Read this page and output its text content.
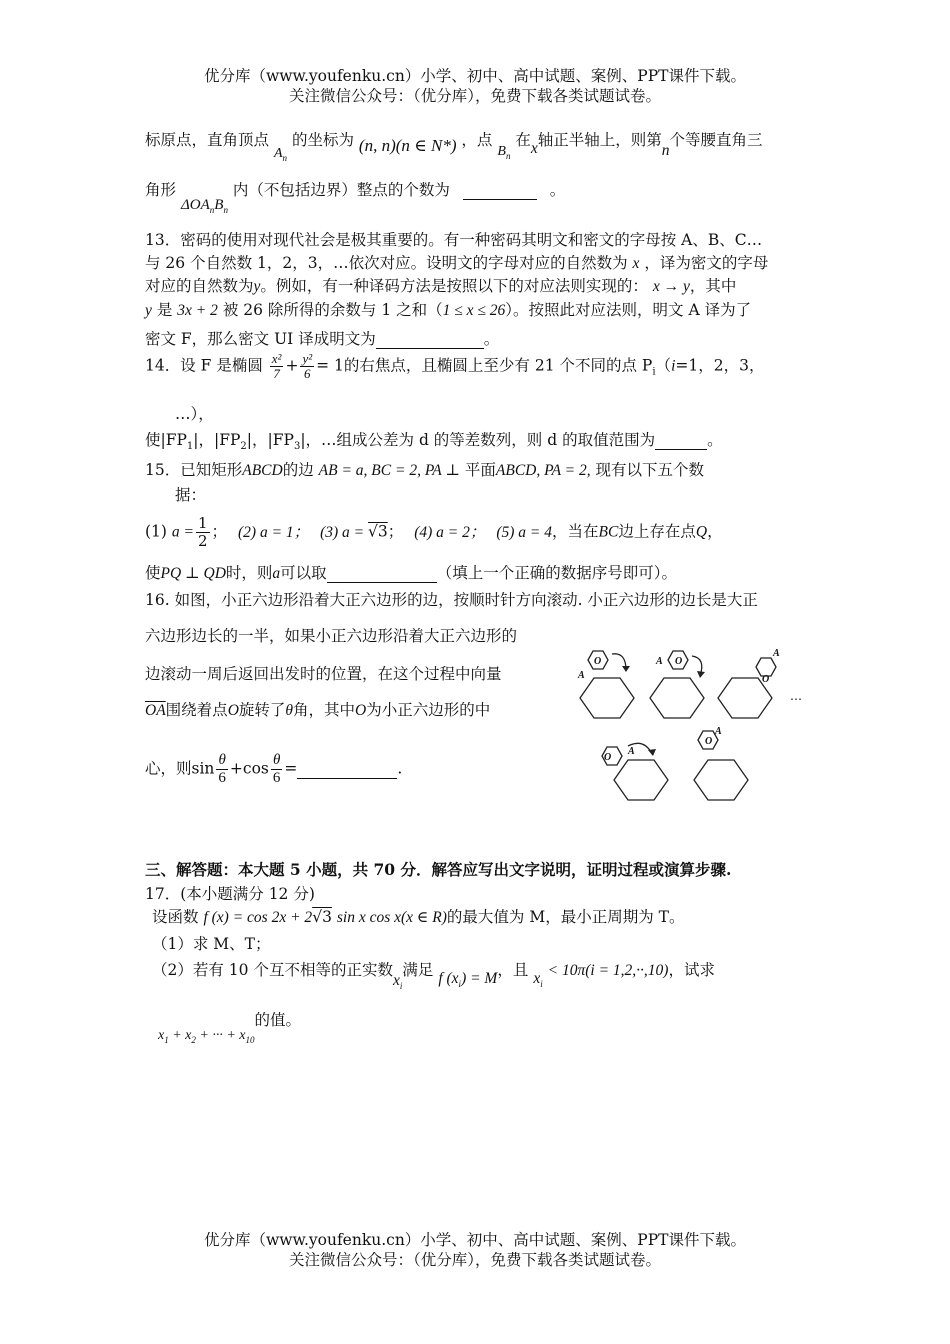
优分库（www.youfenku.cn）小学、初中、高中试题、案例、PPT课件下载。
关注微信公众号：（优分库），免费下载各类试题试卷。
标原点，直角顶点 $A_n$ 的坐标为 (n, n)(n ∈ N*) ，点 $B_n$ 在x轴正半轴上，则第n个等腰直角三
角形 $\Delta OA_nB_n$ 内（不包括边界）整点的个数为	。
13．密码的使用对现代社会是极其重要的。有一种密码其明文和密文的字母按 A、B、C…
与 26 个自然数 1，2，3，…依次对应。设明文的字母对应的自然数为 x ，译为密文的字母
对应的自然数为y。例如，有一种译码方法是按照以下的对应法则实现的： x → y，其中
y 是 3x + 2 被 26 除所得的余数与 1 之和（1 ≤ x ≤ 26）。按照此对应法则，明文 A 译为了
密文 F，那么密文 UI 译成明文为	。
14．设 F 是椭圆 $\frac{\text{x²}}{7} + \frac{\text{y²}}{6} = 1$的右焦点，且椭圆上至少有 21 个不同的点 $P_i(i=1$，2，3，
…），
使$|FP_1|$，$|FP_2|$，$|FP_3|$，…组成公差为 d 的等差数列，则 d 的取值范围为	。
15．已知矩形ABCD的边 AB = a, BC = 2, PA ⊥ 平面ABCD, PA = 2, 现有以下五个数
据：
(1) $a = \frac{1}{2}$ ； (2) a = 1； (3) a = √3； (4) a = 2； (5) a = 4，当在BC边上存在点Q，
使PQ ⊥ QD时，则a可以取	（填上一个正确的数据序号即可）。
16. 如图，小正六边形沿着大正六边形的边，按顺时针方向滚动. 小正六边形的边长是大正
六边形边长的一半，如果小正六边形沿着大正六边形的
边滚动一周后返回出发时的位置，在这个过程中向量
$\overline{OA}$围绕着点O旋转了θ角，其中O为小正六边形的中
心，则$\sin \frac{\theta}{6} +\cos \frac{\theta}{6}$ =	.
A
O	A O
A
O
O
A
A
O
…
三、解答题：本大题 5 小题，共 70 分．解答应写出文字说明，证明过程或演算步骤.
17．(本小题满分 12 分)
设函数 f (x) = cos 2x + 2√3 sin x cos x(x ∈ R)的最大值为 M，最小正周期为 T。
（1）求 M、T；
（2）若有 10 个互不相等的正实数$x_i$满足 f $(x_i) = M$，且 $x_i < 10\pi(i = 1,2,\cdot\cdot,10)$，试求
$x_1 + x_2$ + ··· + $x_{10}$的值。
优分库（www.youfenku.cn）小学、初中、高中试题、案例、PPT课件下载。
关注微信公众号：（优分库），免费下载各类试题试卷。
